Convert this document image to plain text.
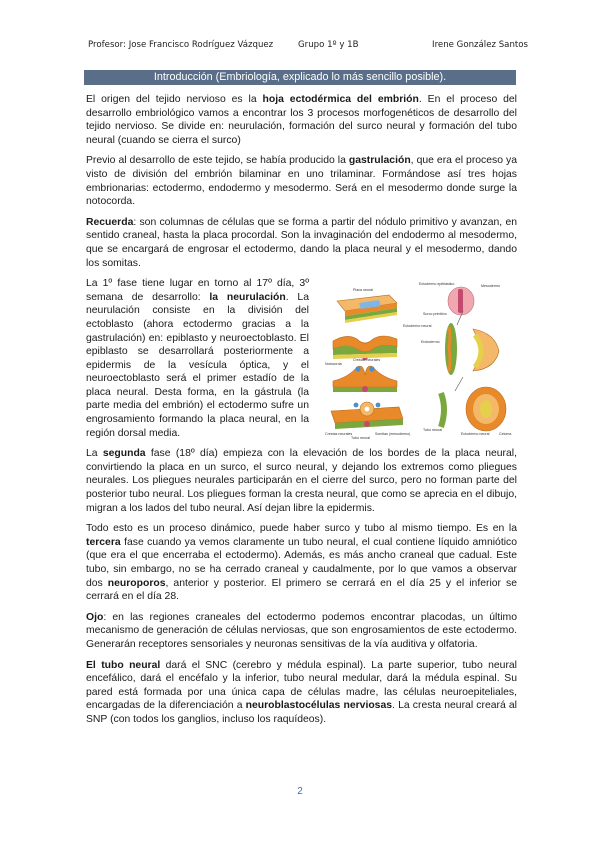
Profesor: Jose Francisco Rodríguez Vázquez	Grupo 1º y 1B	Irene González Santos
Introducción (Embriología, explicado lo más sencillo posible).

El origen del tejido nervioso es la hoja ectodérmica del embrión. En el proceso del desarrollo embriológico vamos a encontrar los 3 procesos morfogenéticos de desarrollo del tejido nervioso. Se divide en: neurulación, formación del surco neural y formación del tubo neural (cuando se cierra el surco)

Previo al desarrollo de este tejido, se había producido la gastrulación, que era el proceso ya visto de división del embrión bilaminar en uno trilaminar. Formándose así tres hojas embrionarias: ectodermo, endodermo y mesodermo. Será en el mesodermo donde surge la notocorda.

Recuerda: son columnas de células que se forma a partir del nódulo primitivo y avanzan, en sentido craneal, hasta la placa procordal. Son la invaginación del endodermo al mesodermo, que se encargará de engrosar el ectodermo, dando la placa neural y el mesodermo, dando los somitas.

Ectodermo epiblástico	Mesodermo
Placa neural
Surco primitivo
Ectodermo neural
Endodermo
Notocorda
Crestas neurales
Crestas neurales
Tubo neural
Somitas (mesodermo)
Tubo neural
Ectodermo neural	Celoma

La 1º fase tiene lugar en torno al 17º día, 3º semana de desarrollo: la neurulación. La neurulación consiste en la división del ectoblasto (ahora ectodermo gracias a la gastrulación) en: epiblasto y neuroectoblasto. El epiblasto se desarrollará posteriormente a epidermis de la vesícula óptica, y el neuroectoblasto será el primer estadío de la placa neural. Desta forma, en la gástrula (la parte media del embrión) el ectodermo sufre un engrosamiento formando la placa neural, en la región dorsal media.

La segunda fase (18º día) empieza con la elevación de los bordes de la placa neural, convirtiendo la placa en un surco, el surco neural, y dejando los extremos como pliegues neurales. Los pliegues neurales participarán en el cierre del surco, pero no forman parte del posterior tubo neural. Los pliegues forman la cresta neural, que como se aprecia en el dibujo, migran a los lados del tubo neural. Así dejan libre la epidermis.

Todo esto es un proceso dinámico, puede haber surco y tubo al mismo tiempo. Es en la tercera fase cuando ya vemos claramente un tubo neural, el cual contiene líquido amniótico (que era el que encerraba el ectodermo). Además, es más ancho craneal que cadual. Este tubo, sin embargo, no se ha cerrado craneal y caudalmente, por lo que vamos a observar dos neuroporos, anterior y posterior. El primero se cerrará en el día 25 y el inferior se cerrará en el día 28.

Ojo: en las regiones craneales del ectodermo podemos encontrar placodas, un último mecanismo de generación de células nerviosas, que son engrosamientos de este ectodermo. Generarán receptores sensoriales y neuronas sensitivas de la vía auditiva y olfatoria.

El tubo neural dará el SNC (cerebro y médula espinal). La parte superior, tubo neural encefálico, dará el encéfalo y la inferior, tubo neural medular, dará la médula espinal. Su pared está formada por una única capa de células madre, las células neuroepiteliales, encargadas de la diferenciación a neuroblastocélulas nerviosas. La cresta neural creará al SNP (con todos los ganglios, incluso los raquídeos).

2
